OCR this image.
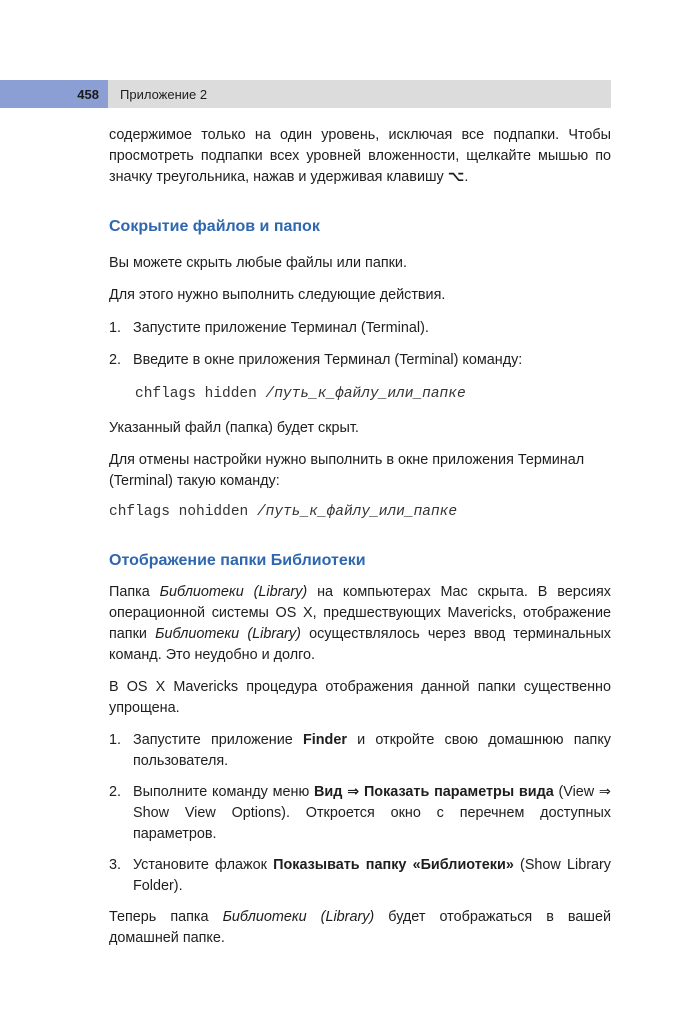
458	Приложение 2

содержимое только на один уровень, исключая все подпапки. Чтобы просмотреть подпапки всех уровней вложенности, щелкайте мышью по значку треугольника, нажав и удерживая клавишу ⌥.

Сокрытие файлов и папок

Вы можете скрыть любые файлы или папки.

Для этого нужно выполнить следующие действия.

1. Запустите приложение Терминал (Terminal).
2. Введите в окне приложения Терминал (Terminal) команду:

chflags hidden /путь_к_файлу_или_папке

Указанный файл (папка) будет скрыт.

Для отмены настройки нужно выполнить в окне приложения Терминал (Terminal) такую команду:

chflags nohidden /путь_к_файлу_или_папке

Отображение папки Библиотеки

Папка Библиотеки (Library) на компьютерах Mac скрыта. В версиях операционной системы OS X, предшествующих Mavericks, отображение папки Библиотеки (Library) осуществлялось через ввод терминальных команд. Это неудобно и долго.

В OS X Mavericks процедура отображения данной папки существенно упрощена.

1. Запустите приложение Finder и откройте свою домашнюю папку пользователя.
2. Выполните команду меню Вид ⇒ Показать параметры вида (View ⇒ Show View Options). Откроется окно с перечнем доступных параметров.
3. Установите флажок Показывать папку «Библиотеки» (Show Library Folder).

Теперь папка Библиотеки (Library) будет отображаться в вашей домашней папке.
